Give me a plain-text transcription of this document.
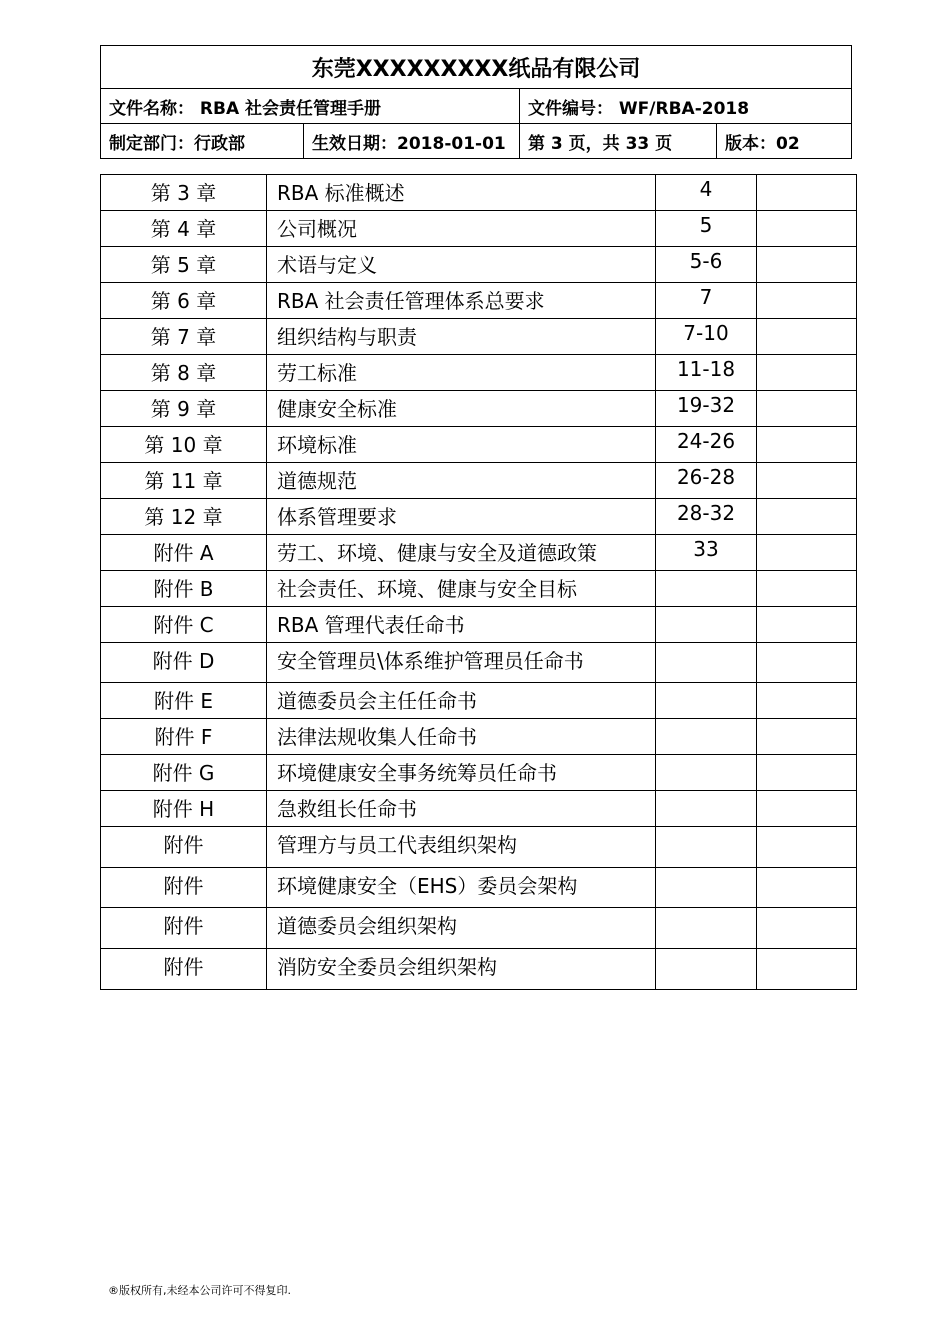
东莞XXXXXXXXX纸品有限公司			
文件名称： RBA 社会责任管理手册		文件编号： WF/RBA-2018	
制定部门：行政部	生效日期：2018-01-01	第 3 页，共 33 页	版本：02
第 3 章	RBA 标准概述	4	
第 4 章	公司概况	5	
第 5 章	术语与定义	5-6	
第 6 章	RBA 社会责任管理体系总要求	7	
第 7 章	组织结构与职责	7-10	
第 8 章	劳工标准	11-18	
第 9 章	健康安全标准	19-32	
第 10 章	环境标准	24-26	
第 11 章	道德规范	26-28	
第 12 章	体系管理要求	28-32	
附件 A	劳工、环境、健康与安全及道德政策	33	
附件 B	社会责任、环境、健康与安全目标		
附件 C	RBA 管理代表任命书		
附件 D	安全管理员\体系维护管理员任命书		
附件 E	道德委员会主任任命书		
附件 F	法律法规收集人任命书		
附件 G	环境健康安全事务统筹员任命书		
附件 H	急救组长任命书		
附件	管理方与员工代表组织架构		
附件	环境健康安全（EHS）委员会架构		
附件	道德委员会组织架构		
附件	消防安全委员会组织架构		
®版权所有,未经本公司许可不得复印.
